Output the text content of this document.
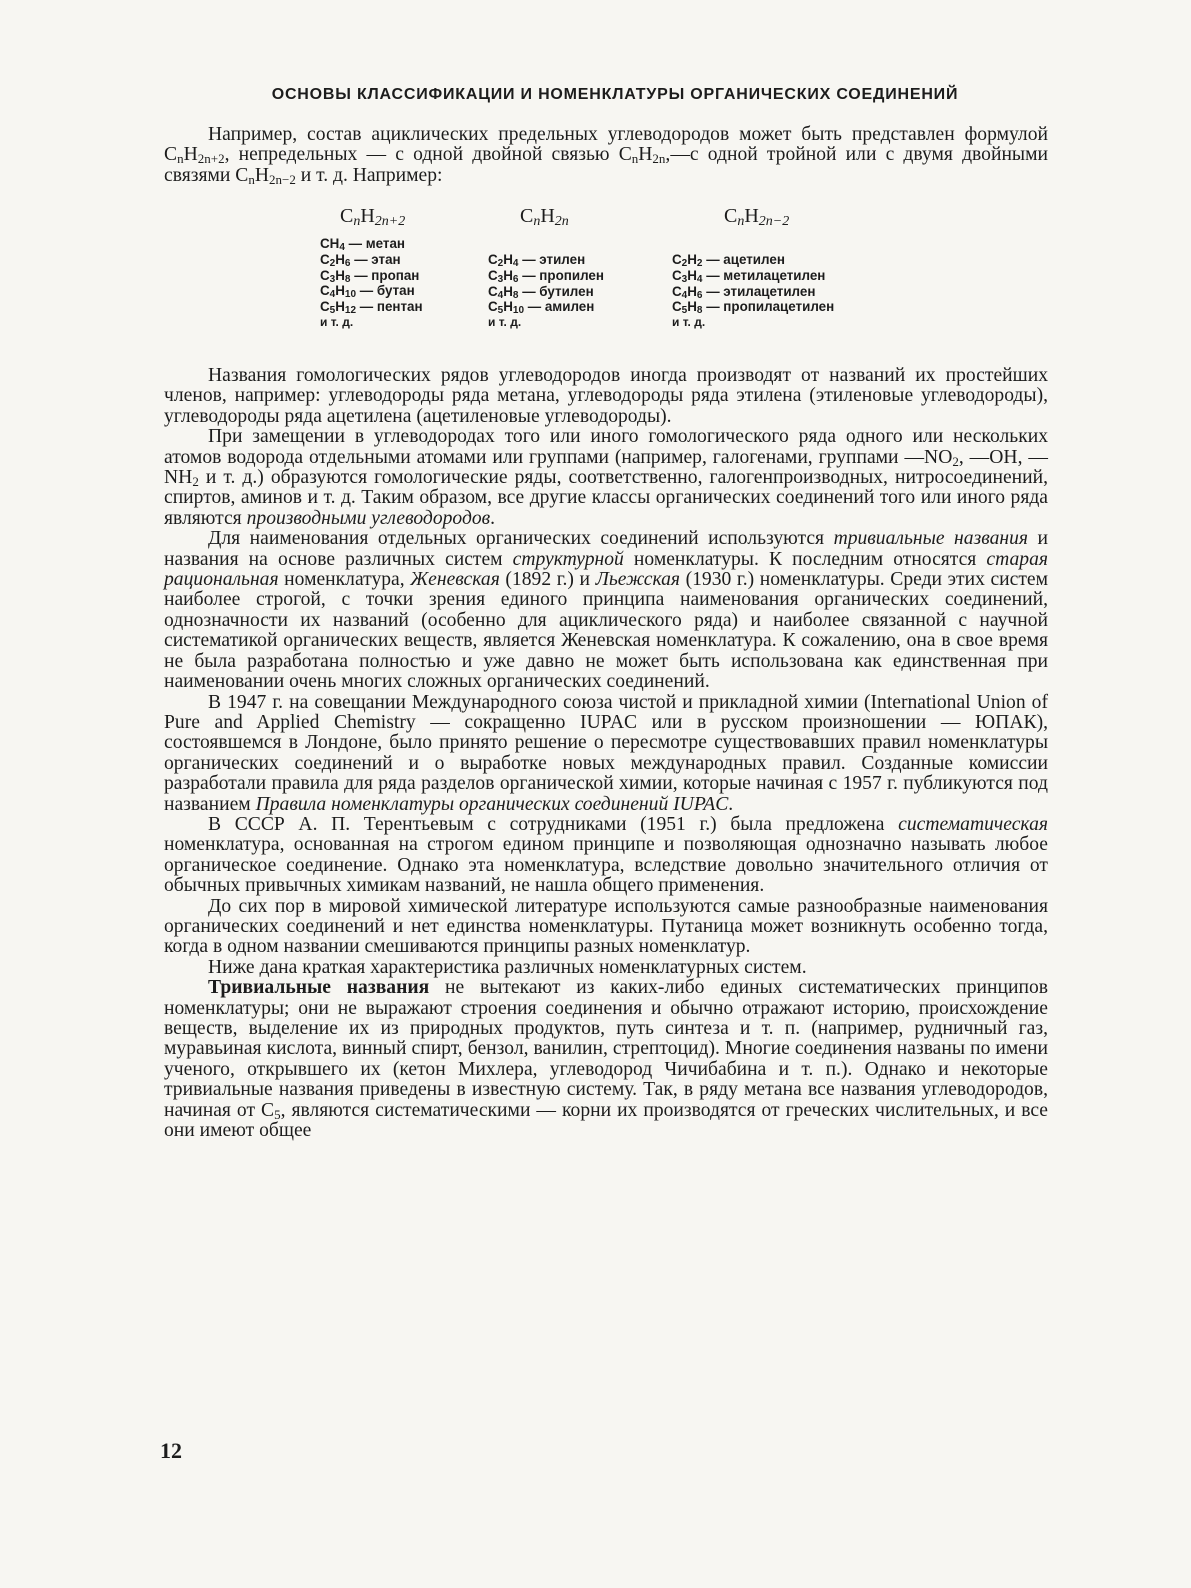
ОСНОВЫ КЛАССИФИКАЦИИ И НОМЕНКЛАТУРЫ ОРГАНИЧЕСКИХ СОЕДИНЕНИЙ

Например, состав ациклических предельных углеводородов может быть представлен формулой $C_nH_{2n+2}$, непредельных — с одной двойной связью $C_nH_{2n},—с$ одной тройной или с двумя двойными связями $C_nH_{2n-2}$ и т. д. Например:

$C_nH_{2n+2}$
$CH_4$ — метан
$C_2H_6$ — этан
$C_3H_8$ — пропан
$C_4H_{10}$ — бутан
$C_5H_{12}$ — пентан
и т. д.
$C_nH_{2n}$
$C_2H_4$ — этилен
$C_3H_6$ — пропилен
$C_4H_8$ — бутилен
$C_5H_{10}$ — амилен
и т. д.
$C_nH_{2n-2}$
$C_2H_2$ — ацетилен
$C_3H_4$ — метилацетилен
$C_4H_6$ — этилацетилен
$C_5H_8$ — пропилацетилен
и т. д.

Названия гомологических рядов углеводородов иногда производят от названий их простейших членов, например: углеводороды ряда метана, углеводороды ряда этилена (этиленовые углеводороды), углеводороды ряда ацетилена (ацетиленовые углеводороды).

При замещении в углеводородах того или иного гомологического ряда одного или нескольких атомов водорода отдельными атомами или группами (например, галогенами, группами $—NO_2$, —OH, $—NH_2$ и т. д.) образуются гомологические ряды, соответственно, галогенпроизводных, нитросоединений, спиртов, аминов и т. д. Таким образом, все другие классы органических соединений того или иного ряда являются производными углеводородов.

Для наименования отдельных органических соединений используются тривиальные названия и названия на основе различных систем структурной номенклатуры. К последним относятся старая рациональная номенклатура, Женевская (1892 г.) и Льежская (1930 г.) номенклатуры. Среди этих систем наиболее строгой, с точки зрения единого принципа наименования органических соединений, однозначности их названий (особенно для ациклического ряда) и наиболее связанной с научной систематикой органических веществ, является Женевская номенклатура. К сожалению, она в свое время не была разработана полностью и уже давно не может быть использована как единственная при наименовании очень многих сложных органических соединений.

В 1947 г. на совещании Международного союза чистой и прикладной химии (International Union of Pure and Applied Chemistry — сокращенно IUPAC или в русском произношении — ЮПАК), состоявшемся в Лондоне, было принято решение о пересмотре существовавших правил номенклатуры органических соединений и о выработке новых международных правил. Созданные комиссии разработали правила для ряда разделов органической химии, которые начиная с 1957 г. публикуются под названием Правила номенклатуры органических соединений IUPAC.

В СССР А. П. Терентьевым с сотрудниками (1951 г.) была предложена систематическая номенклатура, основанная на строгом едином принципе и позволяющая однозначно называть любое органическое соединение. Однако эта номенклатура, вследствие довольно значительного отличия от обычных привычных химикам названий, не нашла общего применения.

До сих пор в мировой химической литературе используются самые разнообразные наименования органических соединений и нет единства номенклатуры. Путаница может возникнуть особенно тогда, когда в одном названии смешиваются принципы разных номенклатур.

Ниже дана краткая характеристика различных номенклатурных систем.

Тривиальные названия не вытекают из каких-либо единых систематических принципов номенклатуры; они не выражают строения соединения и обычно отражают историю, происхождение веществ, выделение их из природных продуктов, путь синтеза и т. п. (например, рудничный газ, муравьиная кислота, винный спирт, бензол, ванилин, стрептоцид). Многие соединения названы по имени ученого, открывшего их (кетон Михлера, углеводород Чичибабина и т. п.). Однако и некоторые тривиальные названия приведены в известную систему. Так, в ряду метана все названия углеводородов, начиная от $C_5$, являются систематическими — корни их производятся от греческих числительных, и все они имеют общее

12
